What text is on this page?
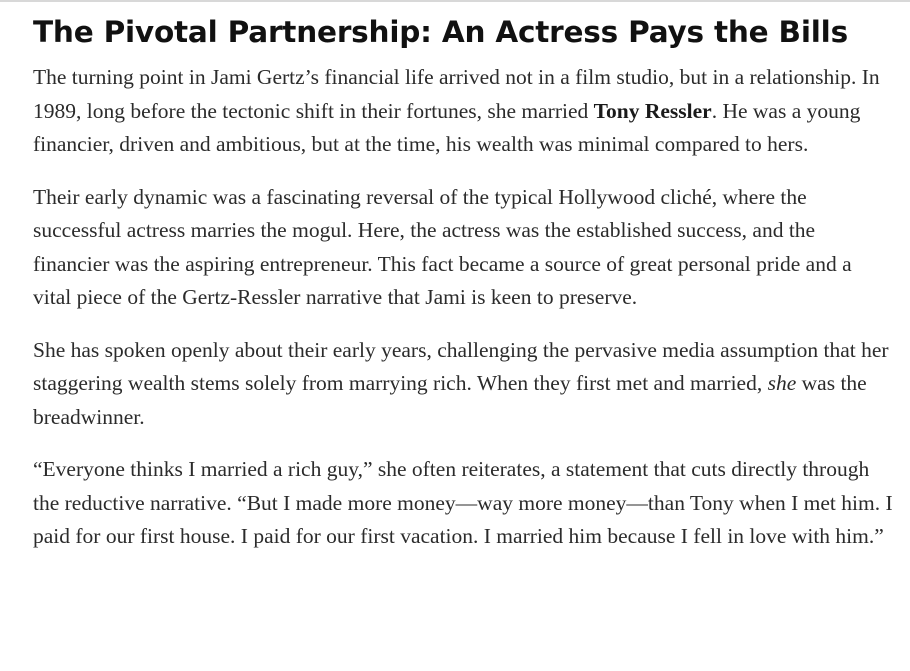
The Pivotal Partnership: An Actress Pays the Bills

The turning point in Jami Gertz’s financial life arrived not in a film studio, but in a relationship. In 1989, long before the tectonic shift in their fortunes, she married Tony Ressler. He was a young financier, driven and ambitious, but at the time, his wealth was minimal compared to hers.

Their early dynamic was a fascinating reversal of the typical Hollywood cliché, where the successful actress marries the mogul. Here, the actress was the established success, and the financier was the aspiring entrepreneur. This fact became a source of great personal pride and a vital piece of the Gertz-Ressler narrative that Jami is keen to preserve.

She has spoken openly about their early years, challenging the pervasive media assumption that her staggering wealth stems solely from marrying rich. When they first met and married, she was the breadwinner.

“Everyone thinks I married a rich guy,” she often reiterates, a statement that cuts directly through the reductive narrative. “But I made more money—way more money—than Tony when I met him. I paid for our first house. I paid for our first vacation. I married him because I fell in love with him.”
